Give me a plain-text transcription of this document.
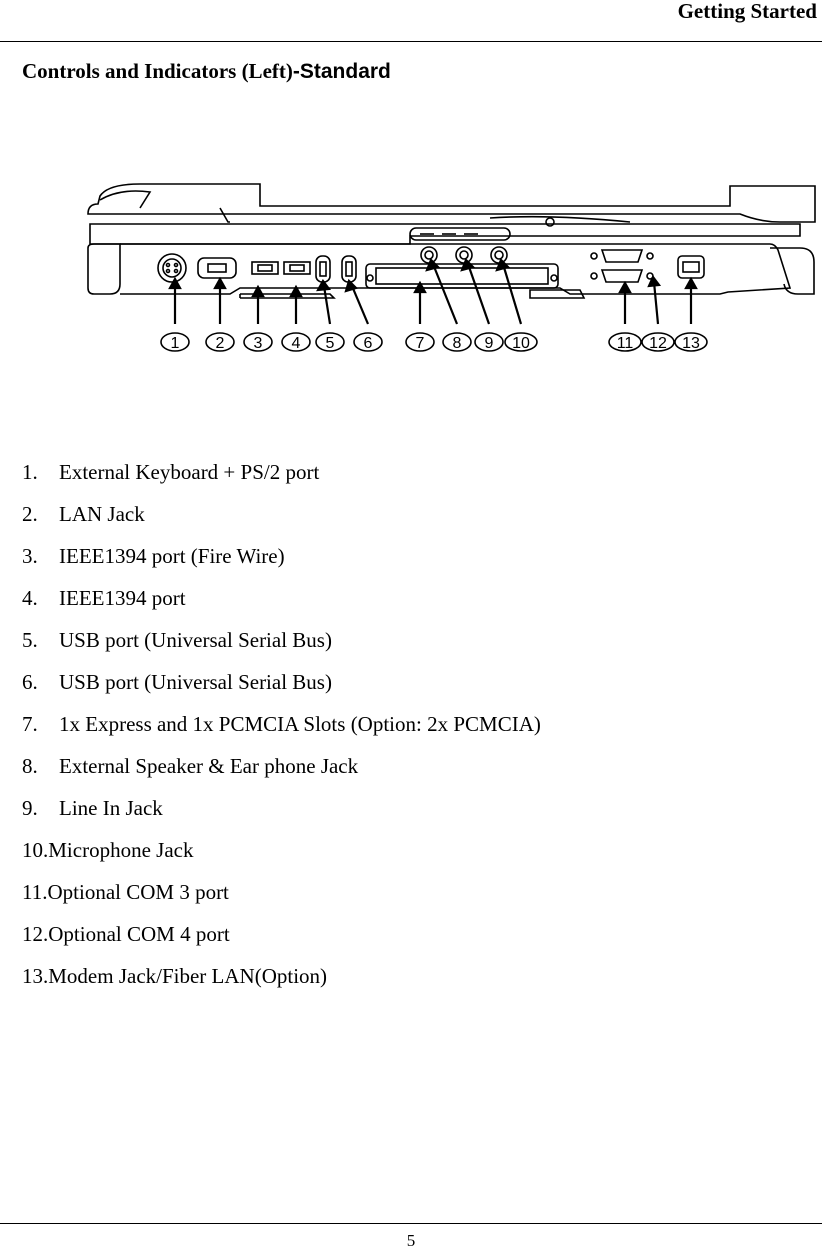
Getting Started
Controls and Indicators (Left)-Standard
1 2 3 4 5 6	7 8 9 10	11 12 13
1.	External Keyboard + PS/2 port
2.	LAN Jack
3.	IEEE1394 port (Fire Wire)
4.	IEEE1394 port
5.	USB port (Universal Serial Bus)
6.	USB port (Universal Serial Bus)
7.	1x Express and 1x PCMCIA Slots (Option: 2x PCMCIA)
8.	External Speaker & Ear phone Jack
9.	Line In Jack
10. Microphone Jack
11. Optional COM 3 port
12. Optional COM 4 port
13. Modem Jack/Fiber LAN(Option)
5
